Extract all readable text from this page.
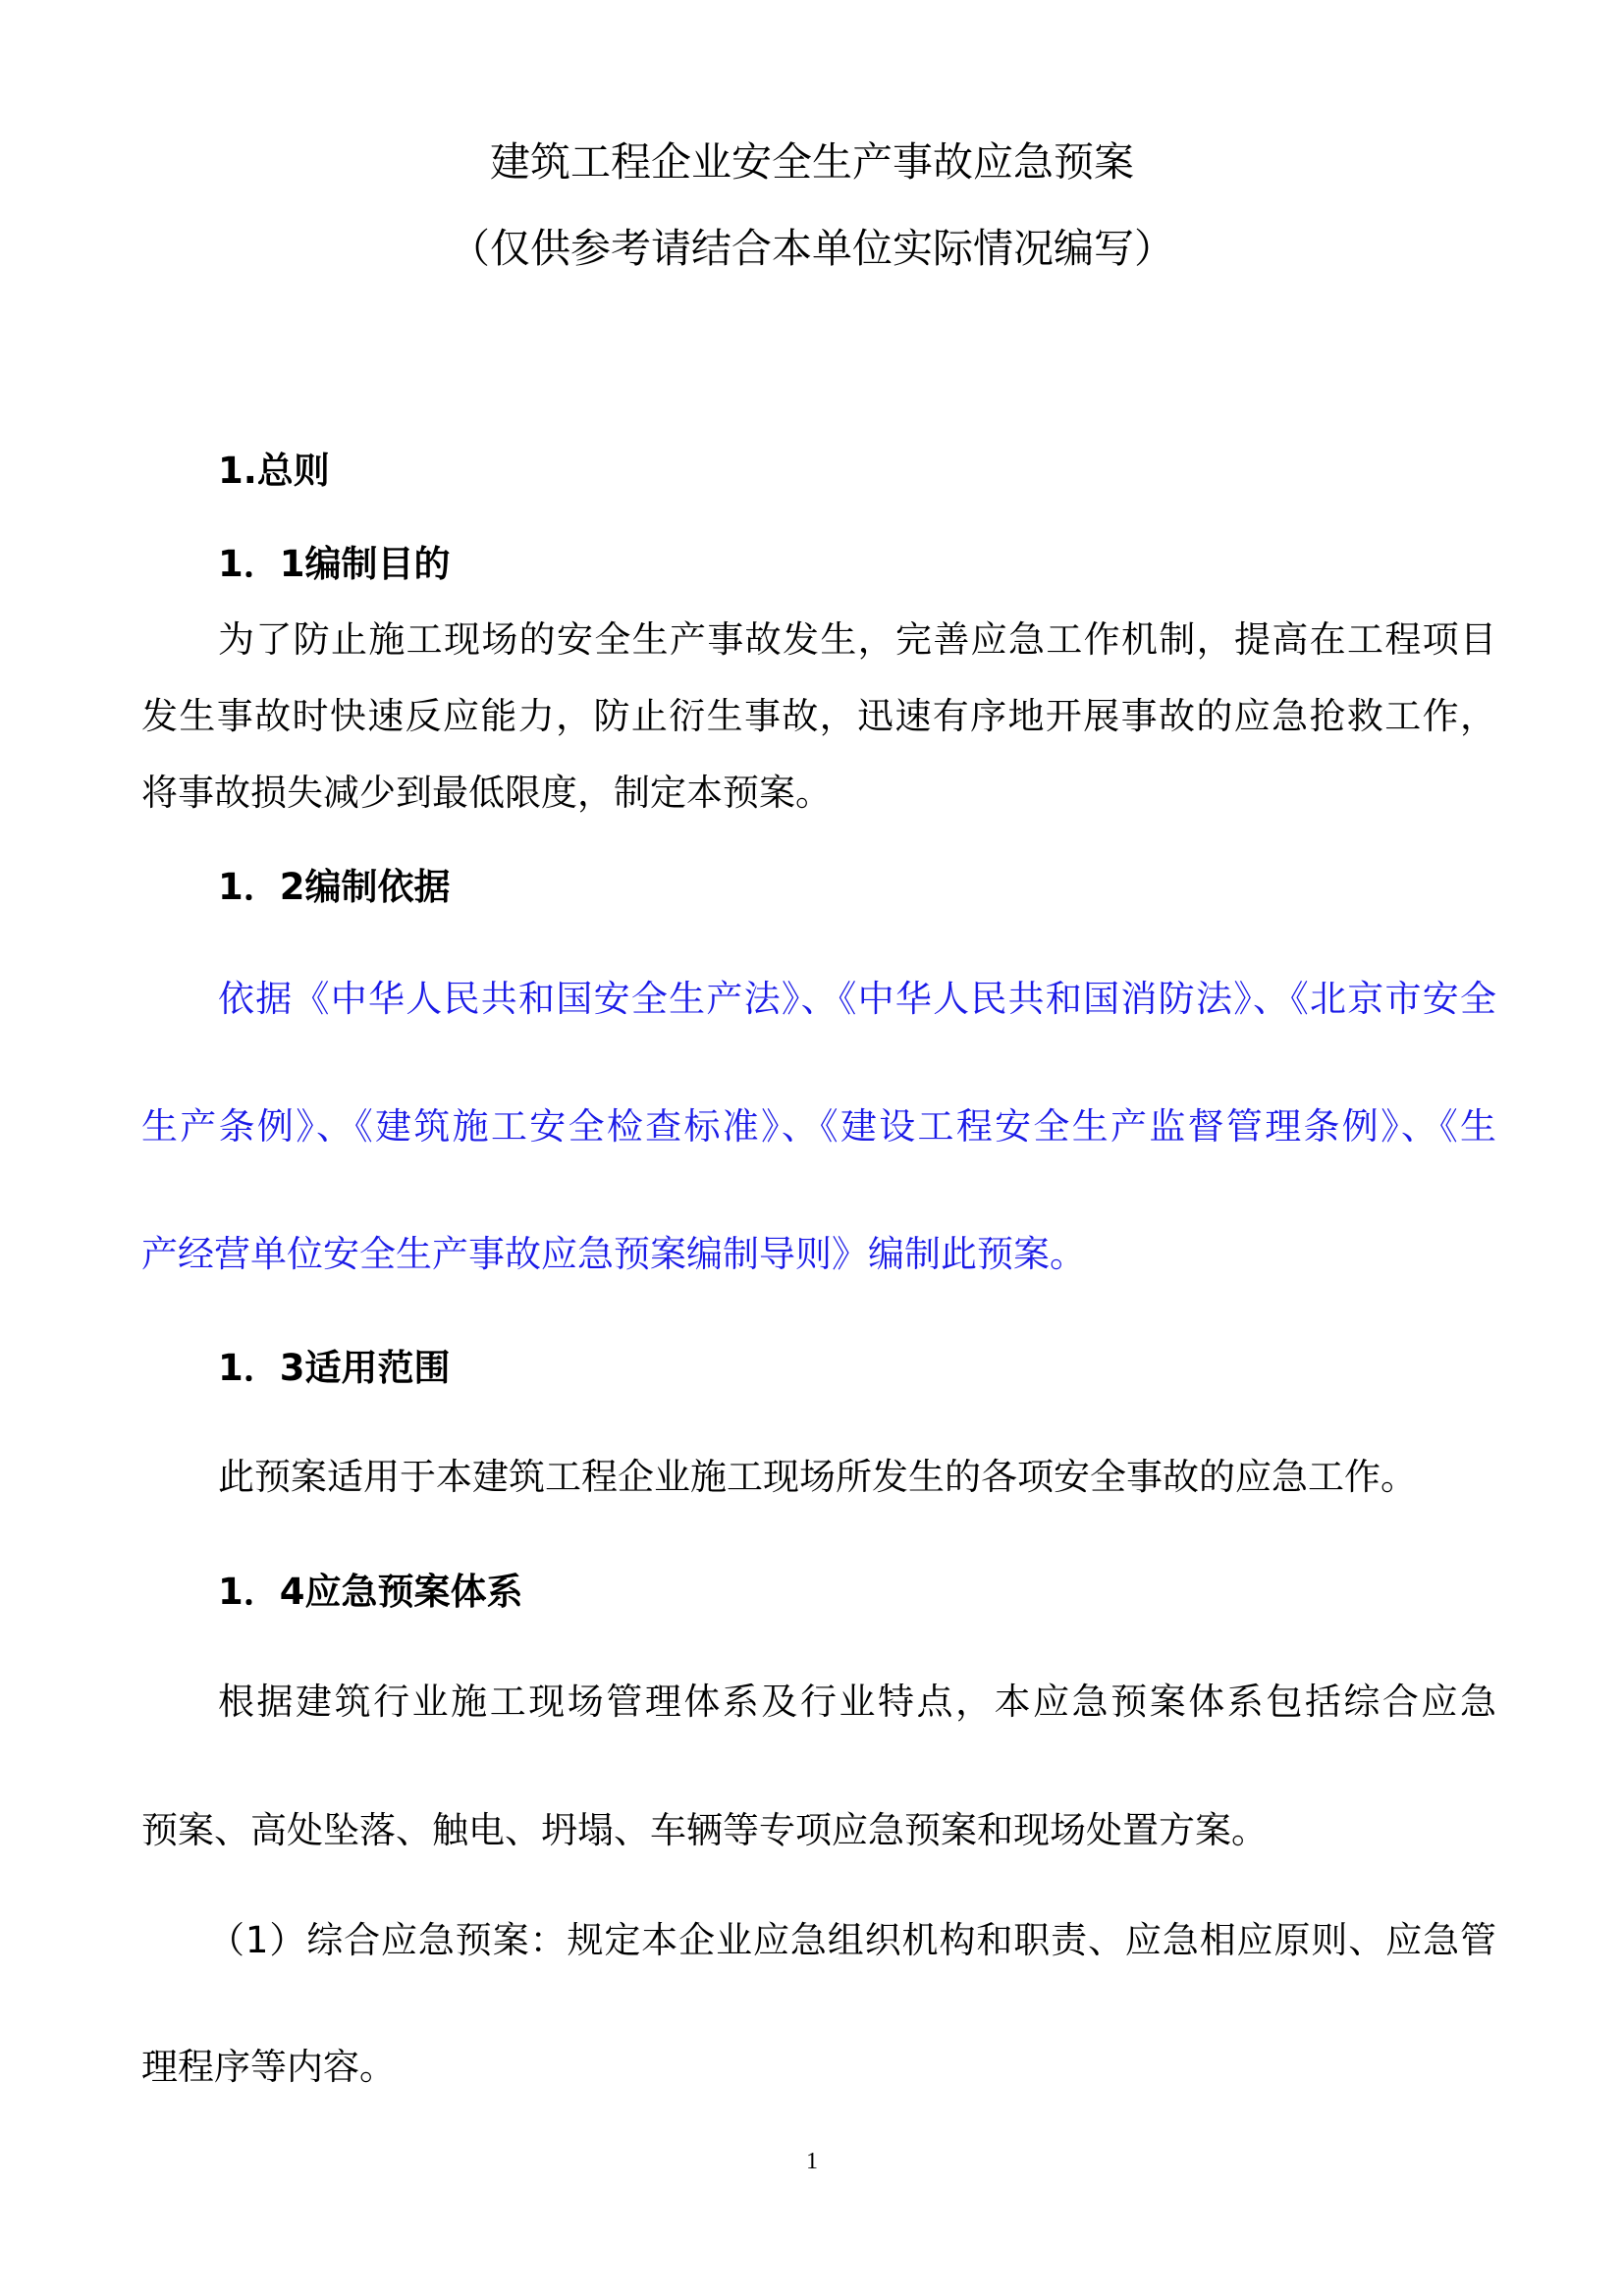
建筑工程企业安全生产事故应急预案
（仅供参考请结合本单位实际情况编写）
1.总则
1．1编制目的
为了防止施工现场的安全生产事故发生，完善应急工作机制，提高在工程项目
发生事故时快速反应能力，防止衍生事故，迅速有序地开展事故的应急抢救工作，
将事故损失减少到最低限度，制定本预案。
1．2编制依据
依据《中华人民共和国安全生产法》、《中华人民共和国消防法》、《北京市安全
生产条例》、《建筑施工安全检查标准》、《建设工程安全生产监督管理条例》、《生
产经营单位安全生产事故应急预案编制导则》编制此预案。
1．3适用范围
此预案适用于本建筑工程企业施工现场所发生的各项安全事故的应急工作。
1．4应急预案体系
根据建筑行业施工现场管理体系及行业特点，本应急预案体系包括综合应急
预案、高处坠落、触电、坍塌、车辆等专项应急预案和现场处置方案。
（1）综合应急预案：规定本企业应急组织机构和职责、应急相应原则、应急管
理程序等内容。
1
